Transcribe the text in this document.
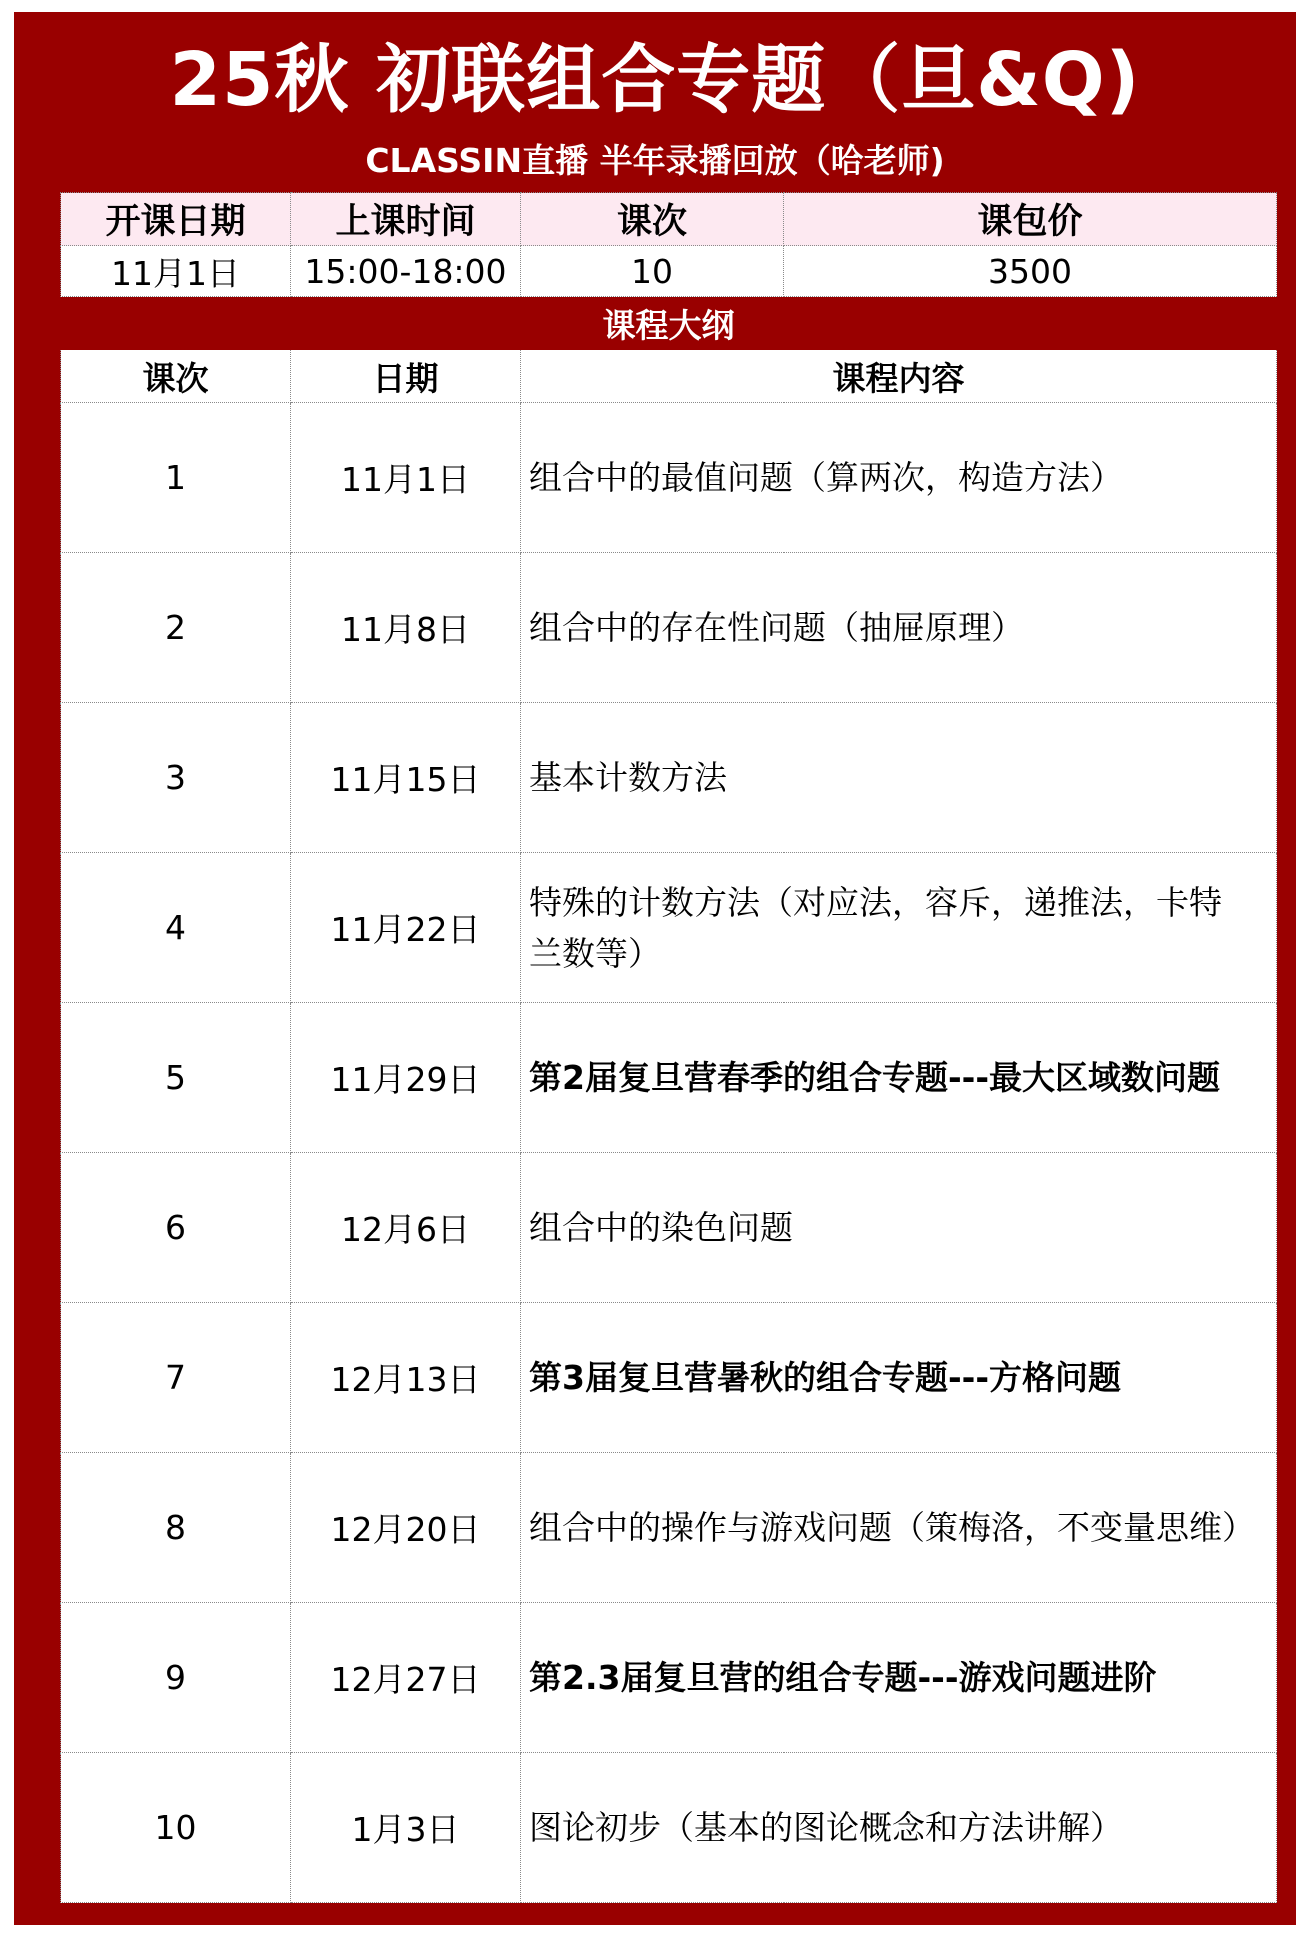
25秋 初联组合专题（旦&Q)
CLASSIN直播 半年录播回放（哈老师)
开课日期	上课时间	课次	课包价
11月1日	15:00-18:00	10	3500
课程大纲			
课次	日期	课程内容	
1	11月1日	组合中的最值问题（算两次，构造方法）	
2	11月8日	组合中的存在性问题（抽屉原理）	
3	11月15日	基本计数方法	
4	11月22日	特殊的计数方法（对应法，容斥，递推法，卡特兰数等）	
5	11月29日	第2届复旦营春季的组合专题---最大区域数问题	
6	12月6日	组合中的染色问题	
7	12月13日	第3届复旦营暑秋的组合专题---方格问题	
8	12月20日	组合中的操作与游戏问题（策梅洛，不变量思维）	
9	12月27日	第2.3届复旦营的组合专题---游戏问题进阶	
10	1月3日	图论初步（基本的图论概念和方法讲解）	
